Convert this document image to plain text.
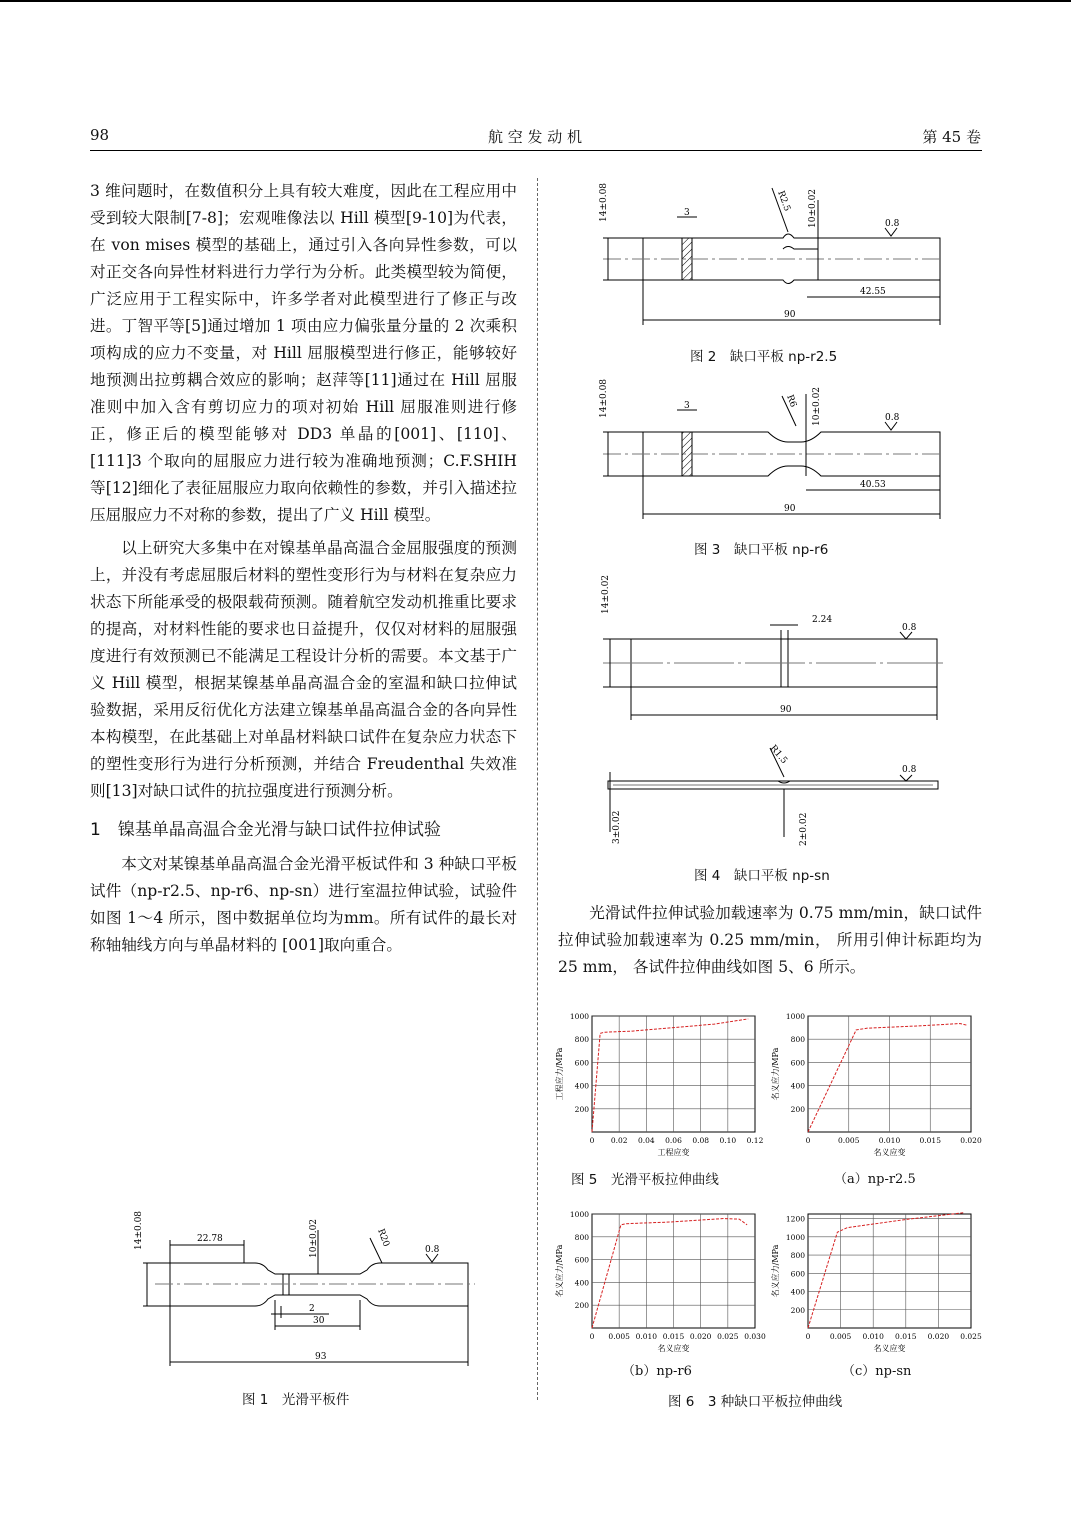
98	航 空 发 动 机	第 45 卷

3 维问题时，在数值积分上具有较大难度，因此在工程应用中受到较大限制[7-8]；宏观唯像法以 Hill 模型[9-10]为代表，在 von mises 模型的基础上，通过引入各向异性参数，可以对正交各向异性材料进行力学行为分析。此类模型较为简便，广泛应用于工程实际中，许多学者对此模型进行了修正与改进。丁智平等[5]通过增加 1 项由应力偏张量分量的 2 次乘积项构成的应力不变量，对 Hill 屈服模型进行修正，能够较好地预测出拉剪耦合效应的影响；赵萍等[11]通过在 Hill 屈服准则中加入含有剪切应力的项对初始 Hill 屈服准则进行修正，修正后的模型能够对 DD3 单晶的[001]、[110]、[111]3 个取向的屈服应力进行较为准确地预测；C.F.SHIH 等[12]细化了表征屈服应力取向依赖性的参数，并引入描述拉压屈服应力不对称的参数，提出了广义 Hill 模型。

以上研究大多集中在对镍基单晶高温合金屈服强度的预测上，并没有考虑屈服后材料的塑性变形行为与材料在复杂应力状态下所能承受的极限载荷预测。随着航空发动机推重比要求的提高，对材料性能的要求也日益提升，仅仅对材料的屈服强度进行有效预测已不能满足工程设计分析的需要。本文基于广义 Hill 模型，根据某镍基单晶高温合金的室温和缺口拉伸试验数据，采用反衍优化方法建立镍基单晶高温合金的各向异性本构模型，在此基础上对单晶材料缺口试件在复杂应力状态下的塑性变形行为进行分析预测，并结合 Freudenthal 失效准则[13]对缺口试件的抗拉强度进行预测分析。

1　镍基单晶高温合金光滑与缺口试件拉伸试验

本文对某镍基单晶高温合金光滑平板试件和 3 种缺口平板试件（np-r2.5、np-r6、np-sn）进行室温拉伸试验，试验件如图 1～4 所示，图中数据单位均为mm。所有试件的最长对称轴轴线方向与单晶材料的 [001]取向重合。

14±0.08	22.78	10±0.02	R20
0.8
2
30
93
图 1　光滑平板件
14±0.08	3	10±0.02
R2.5
0.8
42.55
90
图 2　缺口平板 np-r2.5
14±0.08	3	10±0.02
R6
0.8
40.53
90
图 3　缺口平板 np-r6
14±0.02
2.24
0.8
90
R1.5
0.8
3±0.02	2±0.02
图 4　缺口平板 np-sn

光滑试件拉伸试验加载速率为 0.75 mm/min，缺口试件拉伸试验加载速率为 0.25 mm/min， 所用引伸计标距均为 25 mm， 各试件拉伸曲线如图 5、6 所示。

0 0.02 0.04 0.06 0.08 0.10 0.12
200
400
600
800
1000
工程应变
工程应力/MPa
0	0.005	0.010	0.015	0.020
200
400
600
800
1000
名义应变
名义应力/MPa
0 0.005 0.010 0.015 0.020 0.025 0.030
200
400
600
800
1000
名义应变
名义应力/MPa
0	0.005 0.010 0.015 0.020 0.025
200
400
600
800
1000
1200
名义应变
名义应力/MPa
图 5　光滑平板拉伸曲线	（a）np-r2.5
（b）np-r6	（c）np-sn
图 6　3 种缺口平板拉伸曲线
